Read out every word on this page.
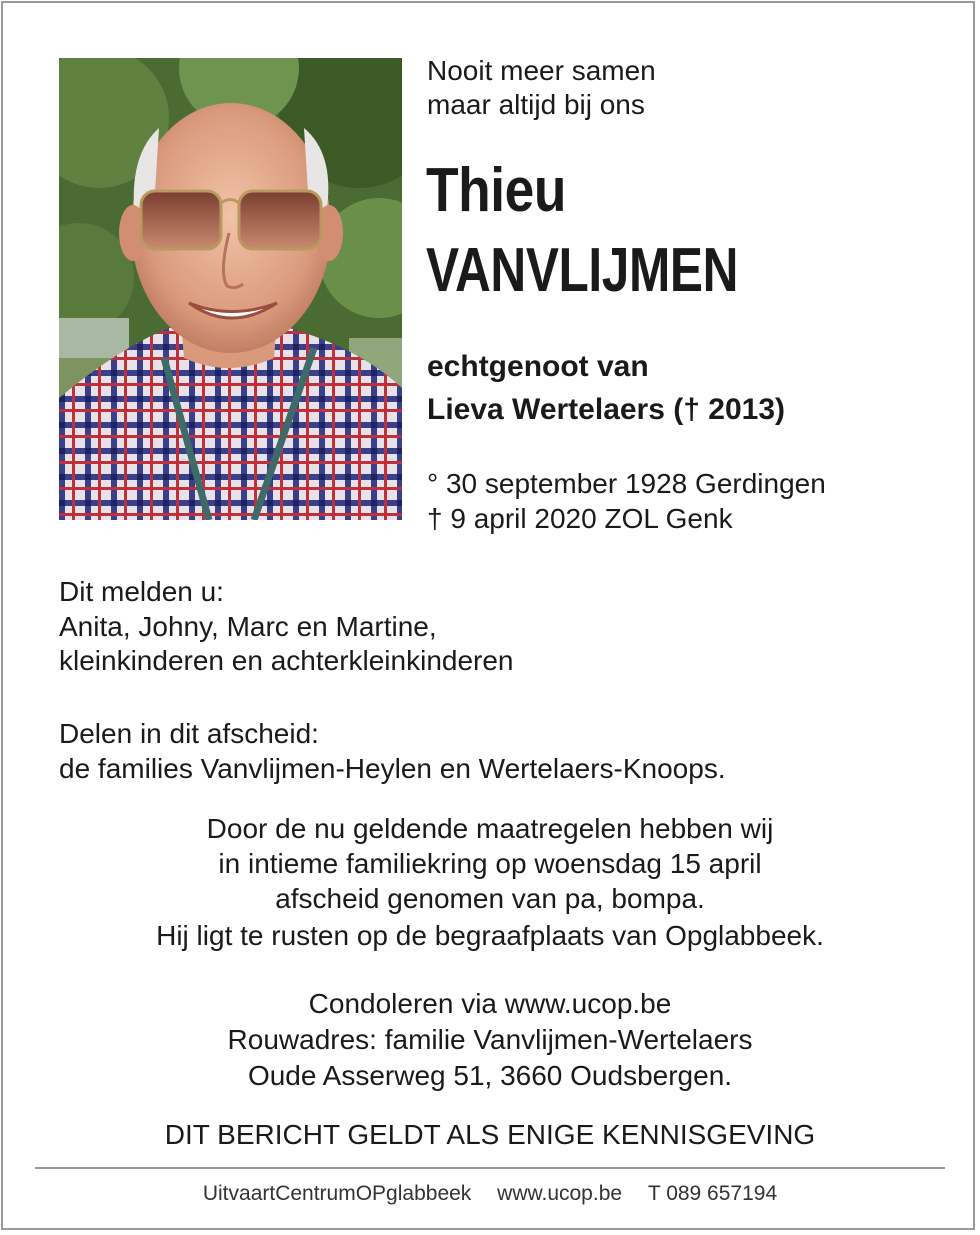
Nooit meer samen
maar altijd bij ons
Thieu
VANVLIJMEN
echtgenoot van
Lieva Wertelaers († 2013)
° 30 september 1928 Gerdingen
† 9 april 2020 ZOL Genk
Dit melden u:
Anita, Johny, Marc en Martine,
kleinkinderen en achterkleinkinderen
Delen in dit afscheid:
de families Vanvlijmen-Heylen en Wertelaers-Knoops.
Door de nu geldende maatregelen hebben wij
in intieme familiekring op woensdag 15 april
afscheid genomen van pa, bompa.
Hij ligt te rusten op de begraafplaats van Opglabbeek.
Condoleren via www.ucop.be
Rouwadres: familie Vanvlijmen-Wertelaers
Oude Asserweg 51, 3660 Oudsbergen.
DIT BERICHT GELDT ALS ENIGE KENNISGEVING
UitvaartCentrumOPglabbeek www.ucop.be T 089 657194
